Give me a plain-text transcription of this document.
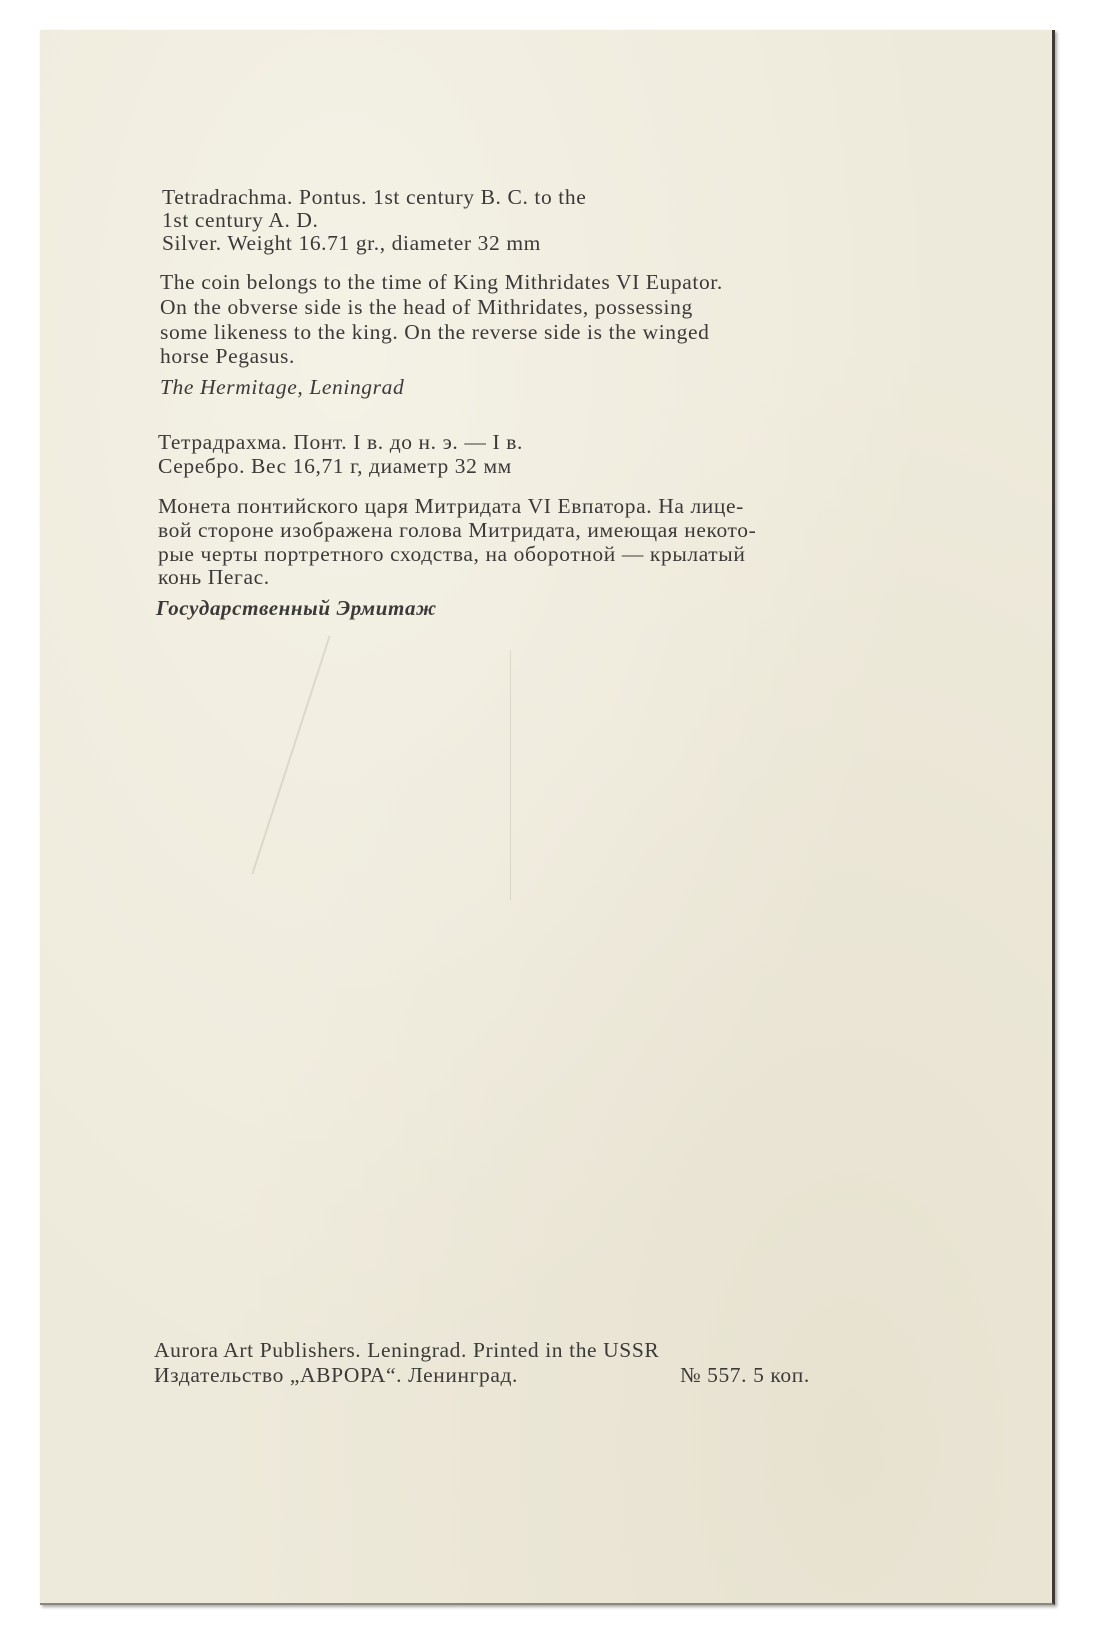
Tetradrachma. Pontus. 1st century B. C. to the
1st century A. D.
Silver. Weight 16.71 gr., diameter 32 mm
The coin belongs to the time of King Mithridates VI Eupator.
On the obverse side is the head of Mithridates, possessing
some likeness to the king. On the reverse side is the winged
horse Pegasus.
The Hermitage, Leningrad
Тетрадрахма. Понт. I в. до н. э. — I в.
Серебро. Вес 16,71 г, диаметр 32 мм
Монета понтийского царя Митридата VI Евпатора. На лице-
вой стороне изображена голова Митридата, имеющая некото-
рые черты портретного сходства, на оборотной — крылатый
конь Пегас.
Государственный Эрмитаж
Aurora Art Publishers. Leningrad. Printed in the USSR
Издательство „АВРОРА“. Ленинград.	№ 557. 5 коп.
